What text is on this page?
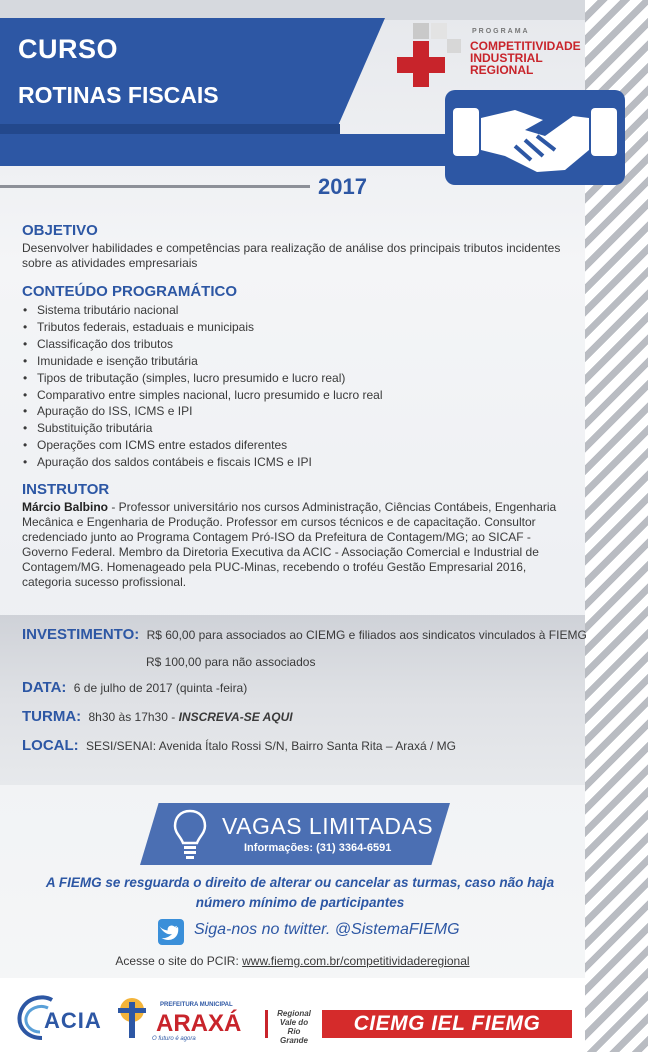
CURSO
ROTINAS FISCAIS
PROGRAMA
COMPETITIVIDADE INDUSTRIAL REGIONAL
2017
OBJETIVO

Desenvolver habilidades e competências para realização de análise dos principais tributos incidentes sobre as atividades empresariais

CONTEÚDO PROGRAMÁTICO
• Sistema tributário nacional
• Tributos federais, estaduais e municipais
• Classificação dos tributos
• Imunidade e isenção tributária
• Tipos de tributação (simples, lucro presumido e lucro real)
• Comparativo entre simples nacional, lucro presumido e lucro real
• Apuração do ISS, ICMS e IPI
• Substituição tributária
• Operações com ICMS entre estados diferentes
• Apuração dos saldos contábeis e fiscais ICMS e IPI
INSTRUTOR

Márcio Balbino - Professor universitário nos cursos Administração, Ciências Contábeis, Engenharia Mecânica e Engenharia de Produção. Professor em cursos técnicos e de capacitação. Consultor credenciado junto ao Programa Contagem Pró-ISO da Prefeitura de Contagem/MG; ao SICAF - Governo Federal. Membro da Diretoria Executiva da ACIC - Associação Comercial e Industrial de Contagem/MG. Homenageado pela PUC-Minas, recebendo o troféu Gestão Empresarial 2016, categoria sucesso profissional.

INVESTIMENTO: R$ 60,00 para associados ao CIEMG e filiados aos sindicatos vinculados à FIEMG
R$ 100,00 para não associados
DATA: 6 de julho de 2017 (quinta -feira)
TURMA: 8h30 às 17h30 - INSCREVA-SE AQUI
LOCAL: SESI/SENAI: Avenida Ítalo Rossi S/N, Bairro Santa Rita – Araxá / MG
VAGAS LIMITADAS
Informações: (31) 3364-6591
A FIEMG se resguarda o direito de alterar ou cancelar as turmas, caso não haja número mínimo de participantes
Siga-nos no twitter. @SistemaFIEMG
Acesse o site do PCIR: www.fiemg.com.br/competitividaderegional
ACIA
PREFEITURA MUNICIPAL
ARAXÁ
O futuro é agora
Regional Vale do Rio Grande
CIEMG IEL FIEMG
